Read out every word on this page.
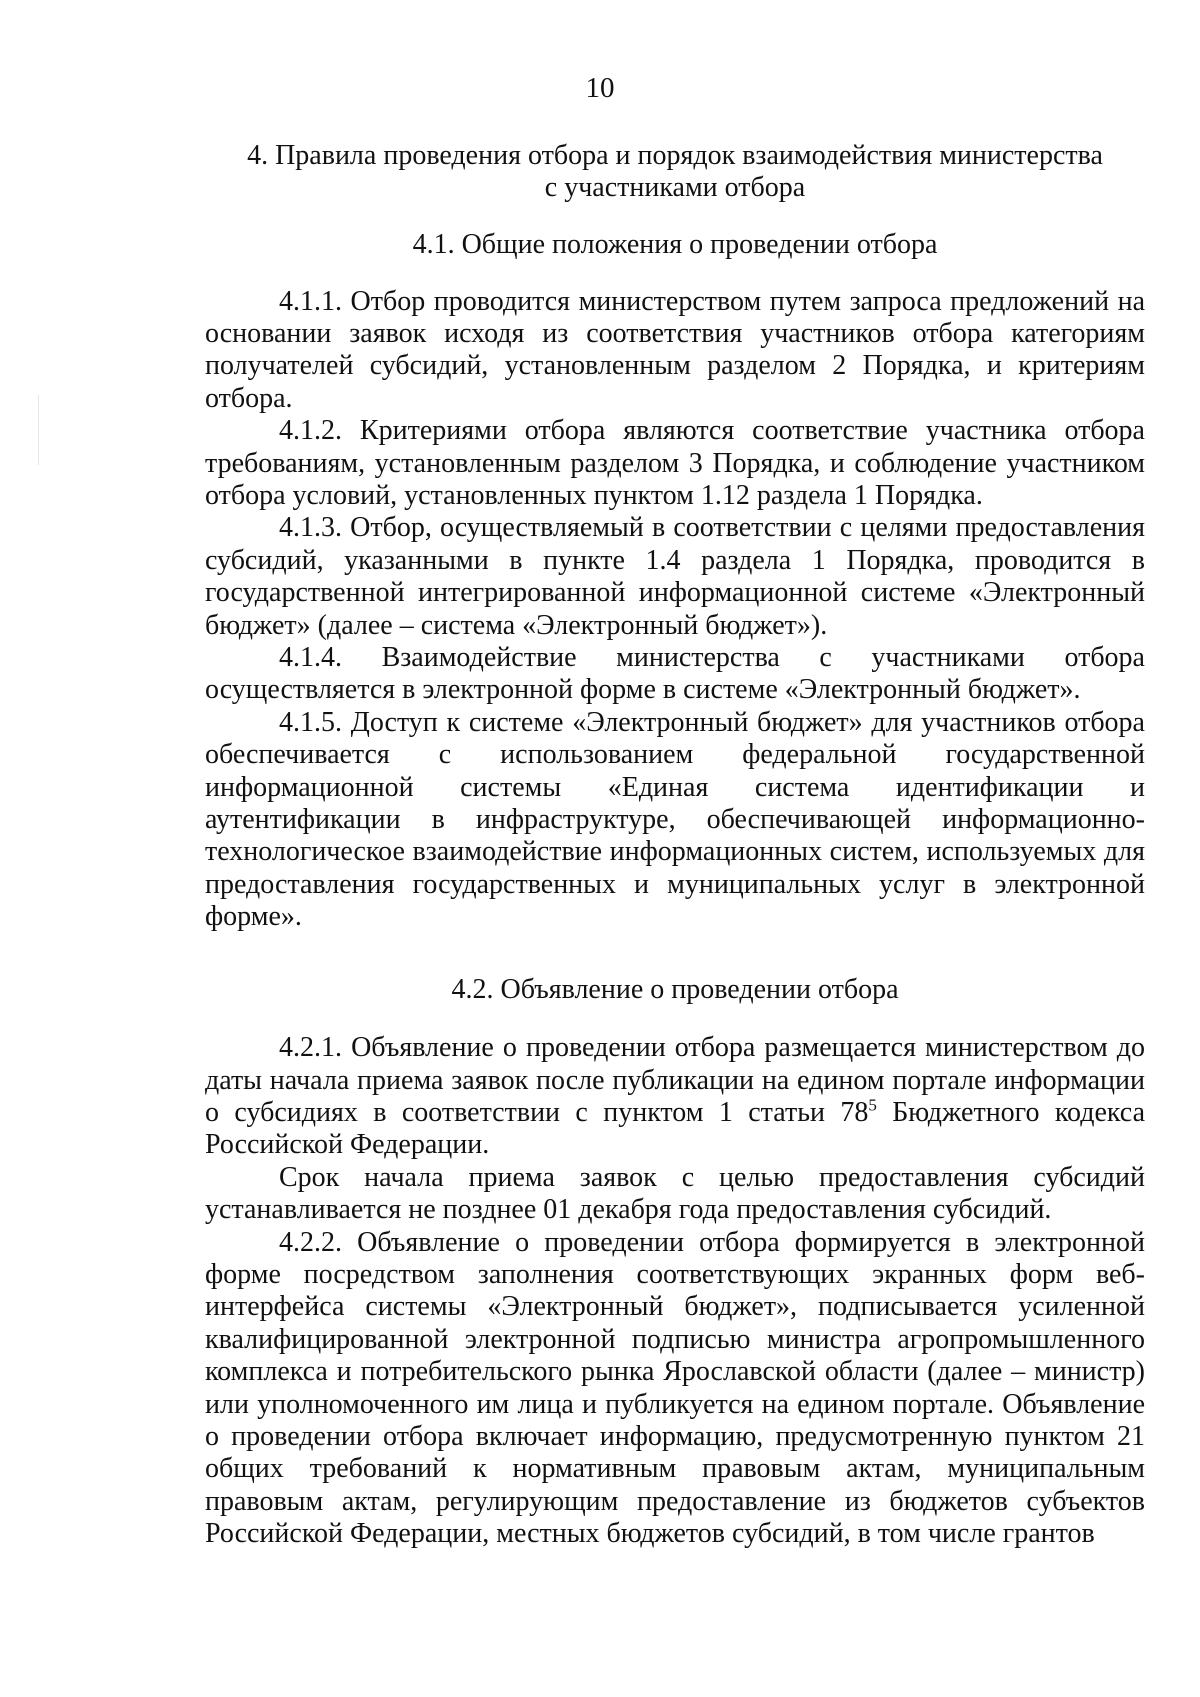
10
4. Правила проведения отбора и порядок взаимодействия министерства
с участниками отбора
4.1. Общие положения о проведении отбора

4.1.1. Отбор проводится министерством путем запроса предложений на основании заявок исходя из соответствия участников отбора категориям получателей субсидий, установленным разделом 2 Порядка, и критериям отбора.

4.1.2. Критериями отбора являются соответствие участника отбора требованиям, установленным разделом 3 Порядка, и соблюдение участником отбора условий, установленных пунктом 1.12 раздела 1 Порядка.

4.1.3. Отбор, осуществляемый в соответствии с целями предоставления субсидий, указанными в пункте 1.4 раздела 1 Порядка, проводится в государственной интегрированной информационной системе «Электронный бюджет» (далее – система «Электронный бюджет»).

4.1.4. Взаимодействие министерства с участниками отбора осуществляется в электронной форме в системе «Электронный бюджет».

4.1.5. Доступ к системе «Электронный бюджет» для участников отбора обеспечивается с использованием федеральной государственной информационной системы «Единая система идентификации и аутентификации в инфраструктуре, обеспечивающей информационно-технологическое взаимодействие информационных систем, используемых для предоставления государственных и муниципальных услуг в электронной форме».

4.2. Объявление о проведении отбора

4.2.1. Объявление о проведении отбора размещается министерством до даты начала приема заявок после публикации на едином портале информации о субсидиях в соответствии с пунктом 1 статьи $78^5$ Бюджетного кодекса Российской Федерации.

Срок начала приема заявок с целью предоставления субсидий устанавливается не позднее 01 декабря года предоставления субсидий.

4.2.2. Объявление о проведении отбора формируется в электронной форме посредством заполнения соответствующих экранных форм веб-интерфейса системы «Электронный бюджет», подписывается усиленной квалифицированной электронной подписью министра агропромышленного комплекса и потребительского рынка Ярославской области (далее – министр) или уполномоченного им лица и публикуется на едином портале. Объявление о проведении отбора включает информацию, предусмотренную пунктом 21 общих требований к нормативным правовым актам, муниципальным правовым актам, регулирующим предоставление из бюджетов субъектов Российской Федерации, местных бюджетов субсидий, в том числе грантов
